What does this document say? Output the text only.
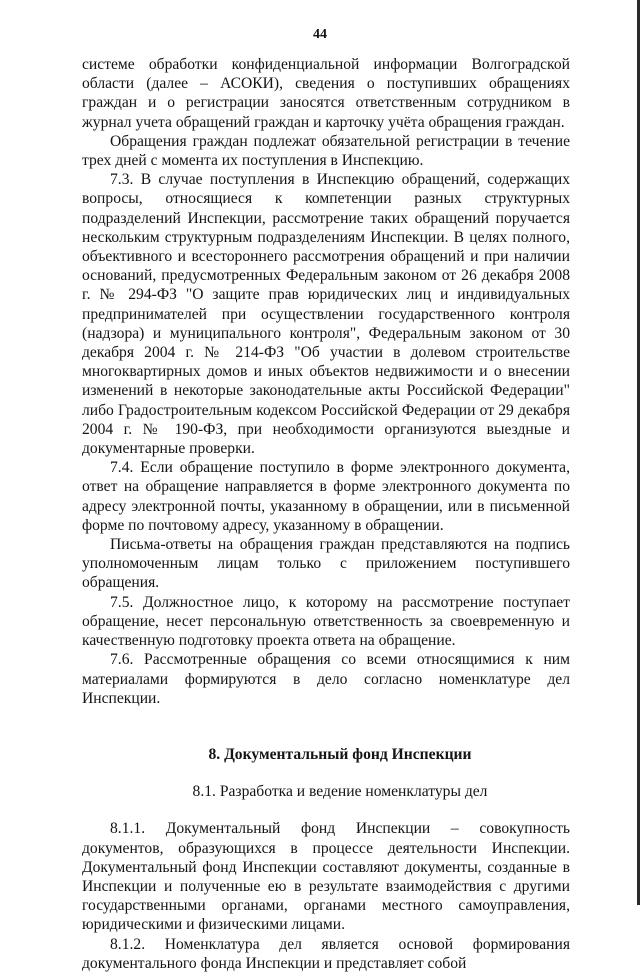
44

системе обработки конфиденциальной информации Волгоградской области (далее – АСОКИ), сведения о поступивших обращениях граждан и о регистрации заносятся ответственным сотрудником в журнал учета обращений граждан и карточку учёта обращения граждан.

Обращения граждан подлежат обязательной регистрации в течение трех дней с момента их поступления в Инспекцию.

7.3. В случае поступления в Инспекцию обращений, содержащих вопросы, относящиеся к компетенции разных структурных подразделений Инспекции, рассмотрение таких обращений поручается нескольким структурным подразделениям Инспекции. В целях полного, объективного и всестороннего рассмотрения обращений и при наличии оснований, предусмотренных Федеральным законом от 26 декабря 2008 г. № 294-ФЗ "О защите прав юридических лиц и индивидуальных предпринимателей при осуществлении государственного контроля (надзора) и муниципального контроля", Федеральным законом от 30 декабря 2004 г. № 214-ФЗ "Об участии в долевом строительстве многоквартирных домов и иных объектов недвижимости и о внесении изменений в некоторые законодательные акты Российской Федерации" либо Градостроительным кодексом Российской Федерации от 29 декабря 2004 г. № 190-ФЗ, при необходимости организуются выездные и документарные проверки.

7.4. Если обращение поступило в форме электронного документа, ответ на обращение направляется в форме электронного документа по адресу электронной почты, указанному в обращении, или в письменной форме по почтовому адресу, указанному в обращении.

Письма-ответы на обращения граждан представляются на подпись уполномоченным лицам только с приложением поступившего обращения.

7.5. Должностное лицо, к которому на рассмотрение поступает обращение, несет персональную ответственность за своевременную и качественную подготовку проекта ответа на обращение.

7.6. Рассмотренные обращения со всеми относящимися к ним материалами формируются в дело согласно номенклатуре дел Инспекции.

8. Документальный фонд Инспекции

8.1. Разработка и ведение номенклатуры дел

8.1.1. Документальный фонд Инспекции – совокупность документов, образующихся в процессе деятельности Инспекции. Документальный фонд Инспекции составляют документы, созданные в Инспекции и полученные ею в результате взаимодействия с другими государственными органами, органами местного самоуправления, юридическими и физическими лицами.

8.1.2. Номенклатура дел является основой формирования документального фонда Инспекции и представляет собой
